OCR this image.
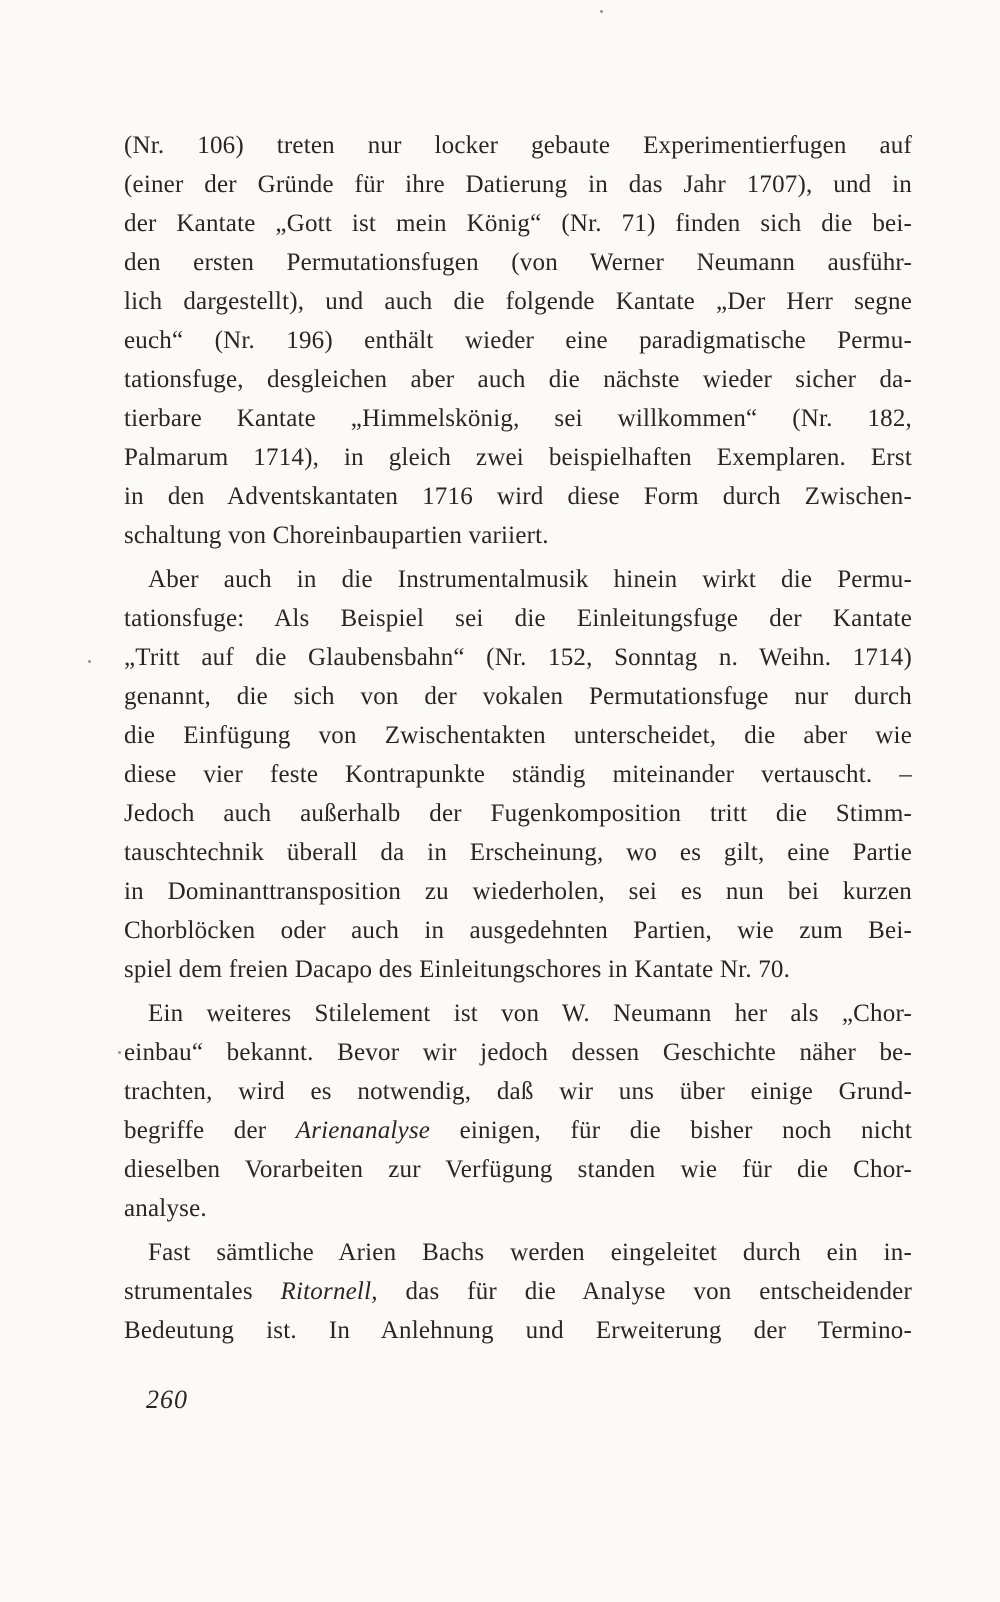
(Nr. 106) treten nur locker gebaute Experimentierfugen auf
(einer der Gründe für ihre Datierung in das Jahr 1707), und in
der Kantate „Gott ist mein König“ (Nr. 71) finden sich die bei-
den ersten Permutationsfugen (von Werner Neumann ausführ-
lich dargestellt), und auch die folgende Kantate „Der Herr segne
euch“ (Nr. 196) enthält wieder eine paradigmatische Permu-
tationsfuge, desgleichen aber auch die nächste wieder sicher da-
tierbare Kantate „Himmelskönig, sei willkommen“ (Nr. 182,
Palmarum 1714), in gleich zwei beispielhaften Exemplaren. Erst
in den Adventskantaten 1716 wird diese Form durch Zwischen-
schaltung von Choreinbaupartien variiert.
Aber auch in die Instrumentalmusik hinein wirkt die Permu-
tationsfuge: Als Beispiel sei die Einleitungsfuge der Kantate
„Tritt auf die Glaubensbahn“ (Nr. 152, Sonntag n. Weihn. 1714)
genannt, die sich von der vokalen Permutationsfuge nur durch
die Einfügung von Zwischentakten unterscheidet, die aber wie
diese vier feste Kontrapunkte ständig miteinander vertauscht. –
Jedoch auch außerhalb der Fugenkomposition tritt die Stimm-
tauschtechnik überall da in Erscheinung, wo es gilt, eine Partie
in Dominanttransposition zu wiederholen, sei es nun bei kurzen
Chorblöcken oder auch in ausgedehnten Partien, wie zum Bei-
spiel dem freien Dacapo des Einleitungschores in Kantate Nr. 70.
Ein weiteres Stilelement ist von W. Neumann her als „Chor-
einbau“ bekannt. Bevor wir jedoch dessen Geschichte näher be-
trachten, wird es notwendig, daß wir uns über einige Grund-
begriffe der Arienanalyse einigen, für die bisher noch nicht
dieselben Vorarbeiten zur Verfügung standen wie für die Chor-
analyse.
Fast sämtliche Arien Bachs werden eingeleitet durch ein in-
strumentales Ritornell, das für die Analyse von entscheidender
Bedeutung ist. In Anlehnung und Erweiterung der Termino-
260
